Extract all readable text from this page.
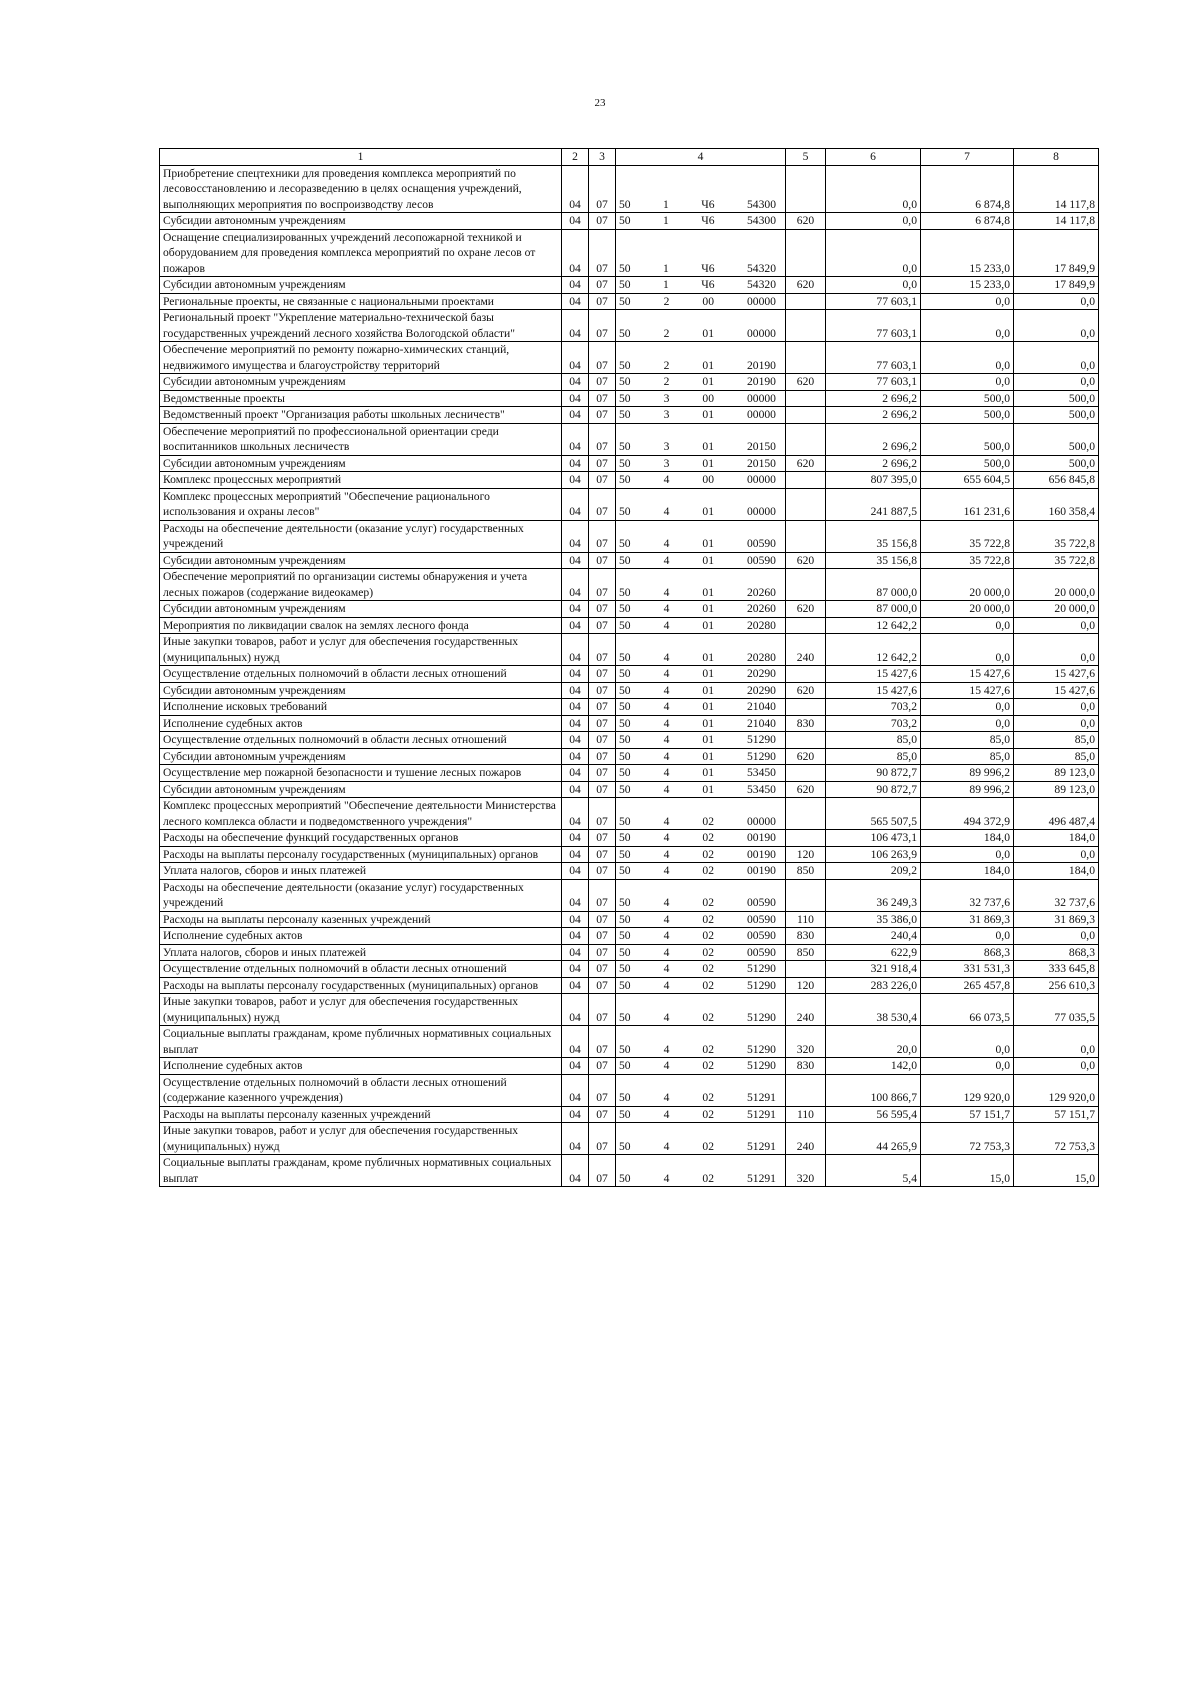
23
1	2	3	4	5	6	7	8
Приобретение спецтехники для проведения комплекса мероприятий по лесовосстановлению и лесоразведению в целях оснащения учреждений, выполняющих мероприятия по воспроизводству лесов	04	07	50 1 Ч6 54300		0,0	6 874,8	14 117,8
Субсидии автономным учреждениям	04	07	50 1 Ч6 54300	620	0,0	6 874,8	14 117,8
Оснащение специализированных учреждений лесопожарной техникой и оборудованием для проведения комплекса мероприятий по охране лесов от пожаров	04	07	50 1 Ч6 54320		0,0	15 233,0	17 849,9
Субсидии автономным учреждениям	04	07	50 1 Ч6 54320	620	0,0	15 233,0	17 849,9
Региональные проекты, не связанные с национальными проектами	04	07	50 2 00 00000		77 603,1	0,0	0,0
Региональный проект "Укрепление материально-технической базы государственных учреждений лесного хозяйства Вологодской области"	04	07	50 2 01 00000		77 603,1	0,0	0,0
Обеспечение мероприятий по ремонту пожарно-химических станций, недвижимого имущества и благоустройству территорий	04	07	50 2 01 20190		77 603,1	0,0	0,0
Субсидии автономным учреждениям	04	07	50 2 01 20190	620	77 603,1	0,0	0,0
Ведомственные проекты	04	07	50 3 00 00000		2 696,2	500,0	500,0
Ведомственный проект "Организация работы школьных лесничеств"	04	07	50 3 01 00000		2 696,2	500,0	500,0
Обеспечение мероприятий по профессиональной ориентации среди воспитанников школьных лесничеств	04	07	50 3 01 20150		2 696,2	500,0	500,0
Субсидии автономным учреждениям	04	07	50 3 01 20150	620	2 696,2	500,0	500,0
Комплекс процессных мероприятий	04	07	50 4 00 00000		807 395,0	655 604,5	656 845,8
Комплекс процессных мероприятий "Обеспечение рационального использования и охраны лесов"	04	07	50 4 01 00000		241 887,5	161 231,6	160 358,4
Расходы на обеспечение деятельности (оказание услуг) государственных учреждений	04	07	50 4 01 00590		35 156,8	35 722,8	35 722,8
Субсидии автономным учреждениям	04	07	50 4 01 00590	620	35 156,8	35 722,8	35 722,8
Обеспечение мероприятий по организации системы обнаружения и учета лесных пожаров (содержание видеокамер)	04	07	50 4 01 20260		87 000,0	20 000,0	20 000,0
Субсидии автономным учреждениям	04	07	50 4 01 20260	620	87 000,0	20 000,0	20 000,0
Мероприятия по ликвидации свалок на землях лесного фонда	04	07	50 4 01 20280		12 642,2	0,0	0,0
Иные закупки товаров, работ и услуг для обеспечения государственных (муниципальных) нужд	04	07	50 4 01 20280	240	12 642,2	0,0	0,0
Осуществление отдельных полномочий в области лесных отношений	04	07	50 4 01 20290		15 427,6	15 427,6	15 427,6
Субсидии автономным учреждениям	04	07	50 4 01 20290	620	15 427,6	15 427,6	15 427,6
Исполнение исковых требований	04	07	50 4 01 21040		703,2	0,0	0,0
Исполнение судебных актов	04	07	50 4 01 21040	830	703,2	0,0	0,0
Осуществление отдельных полномочий в области лесных отношений	04	07	50 4 01 51290		85,0	85,0	85,0
Субсидии автономным учреждениям	04	07	50 4 01 51290	620	85,0	85,0	85,0
Осуществление мер пожарной безопасности и тушение лесных пожаров	04	07	50 4 01 53450		90 872,7	89 996,2	89 123,0
Субсидии автономным учреждениям	04	07	50 4 01 53450	620	90 872,7	89 996,2	89 123,0
Комплекс процессных мероприятий "Обеспечение деятельности Министерства лесного комплекса области и подведомственного учреждения"	04	07	50 4 02 00000		565 507,5	494 372,9	496 487,4
Расходы на обеспечение функций государственных органов	04	07	50 4 02 00190		106 473,1	184,0	184,0
Расходы на выплаты персоналу государственных (муниципальных) органов	04	07	50 4 02 00190	120	106 263,9	0,0	0,0
Уплата налогов, сборов и иных платежей	04	07	50 4 02 00190	850	209,2	184,0	184,0
Расходы на обеспечение деятельности (оказание услуг) государственных учреждений	04	07	50 4 02 00590		36 249,3	32 737,6	32 737,6
Расходы на выплаты персоналу казенных учреждений	04	07	50 4 02 00590	110	35 386,0	31 869,3	31 869,3
Исполнение судебных актов	04	07	50 4 02 00590	830	240,4	0,0	0,0
Уплата налогов, сборов и иных платежей	04	07	50 4 02 00590	850	622,9	868,3	868,3
Осуществление отдельных полномочий в области лесных отношений	04	07	50 4 02 51290		321 918,4	331 531,3	333 645,8
Расходы на выплаты персоналу государственных (муниципальных) органов	04	07	50 4 02 51290	120	283 226,0	265 457,8	256 610,3
Иные закупки товаров, работ и услуг для обеспечения государственных (муниципальных) нужд	04	07	50 4 02 51290	240	38 530,4	66 073,5	77 035,5
Социальные выплаты гражданам, кроме публичных нормативных социальных выплат	04	07	50 4 02 51290	320	20,0	0,0	0,0
Исполнение судебных актов	04	07	50 4 02 51290	830	142,0	0,0	0,0
Осуществление отдельных полномочий в области лесных отношений (содержание казенного учреждения)	04	07	50 4 02 51291		100 866,7	129 920,0	129 920,0
Расходы на выплаты персоналу казенных учреждений	04	07	50 4 02 51291	110	56 595,4	57 151,7	57 151,7
Иные закупки товаров, работ и услуг для обеспечения государственных (муниципальных) нужд	04	07	50 4 02 51291	240	44 265,9	72 753,3	72 753,3
Социальные выплаты гражданам, кроме публичных нормативных социальных выплат	04	07	50 4 02 51291	320	5,4	15,0	15,0
